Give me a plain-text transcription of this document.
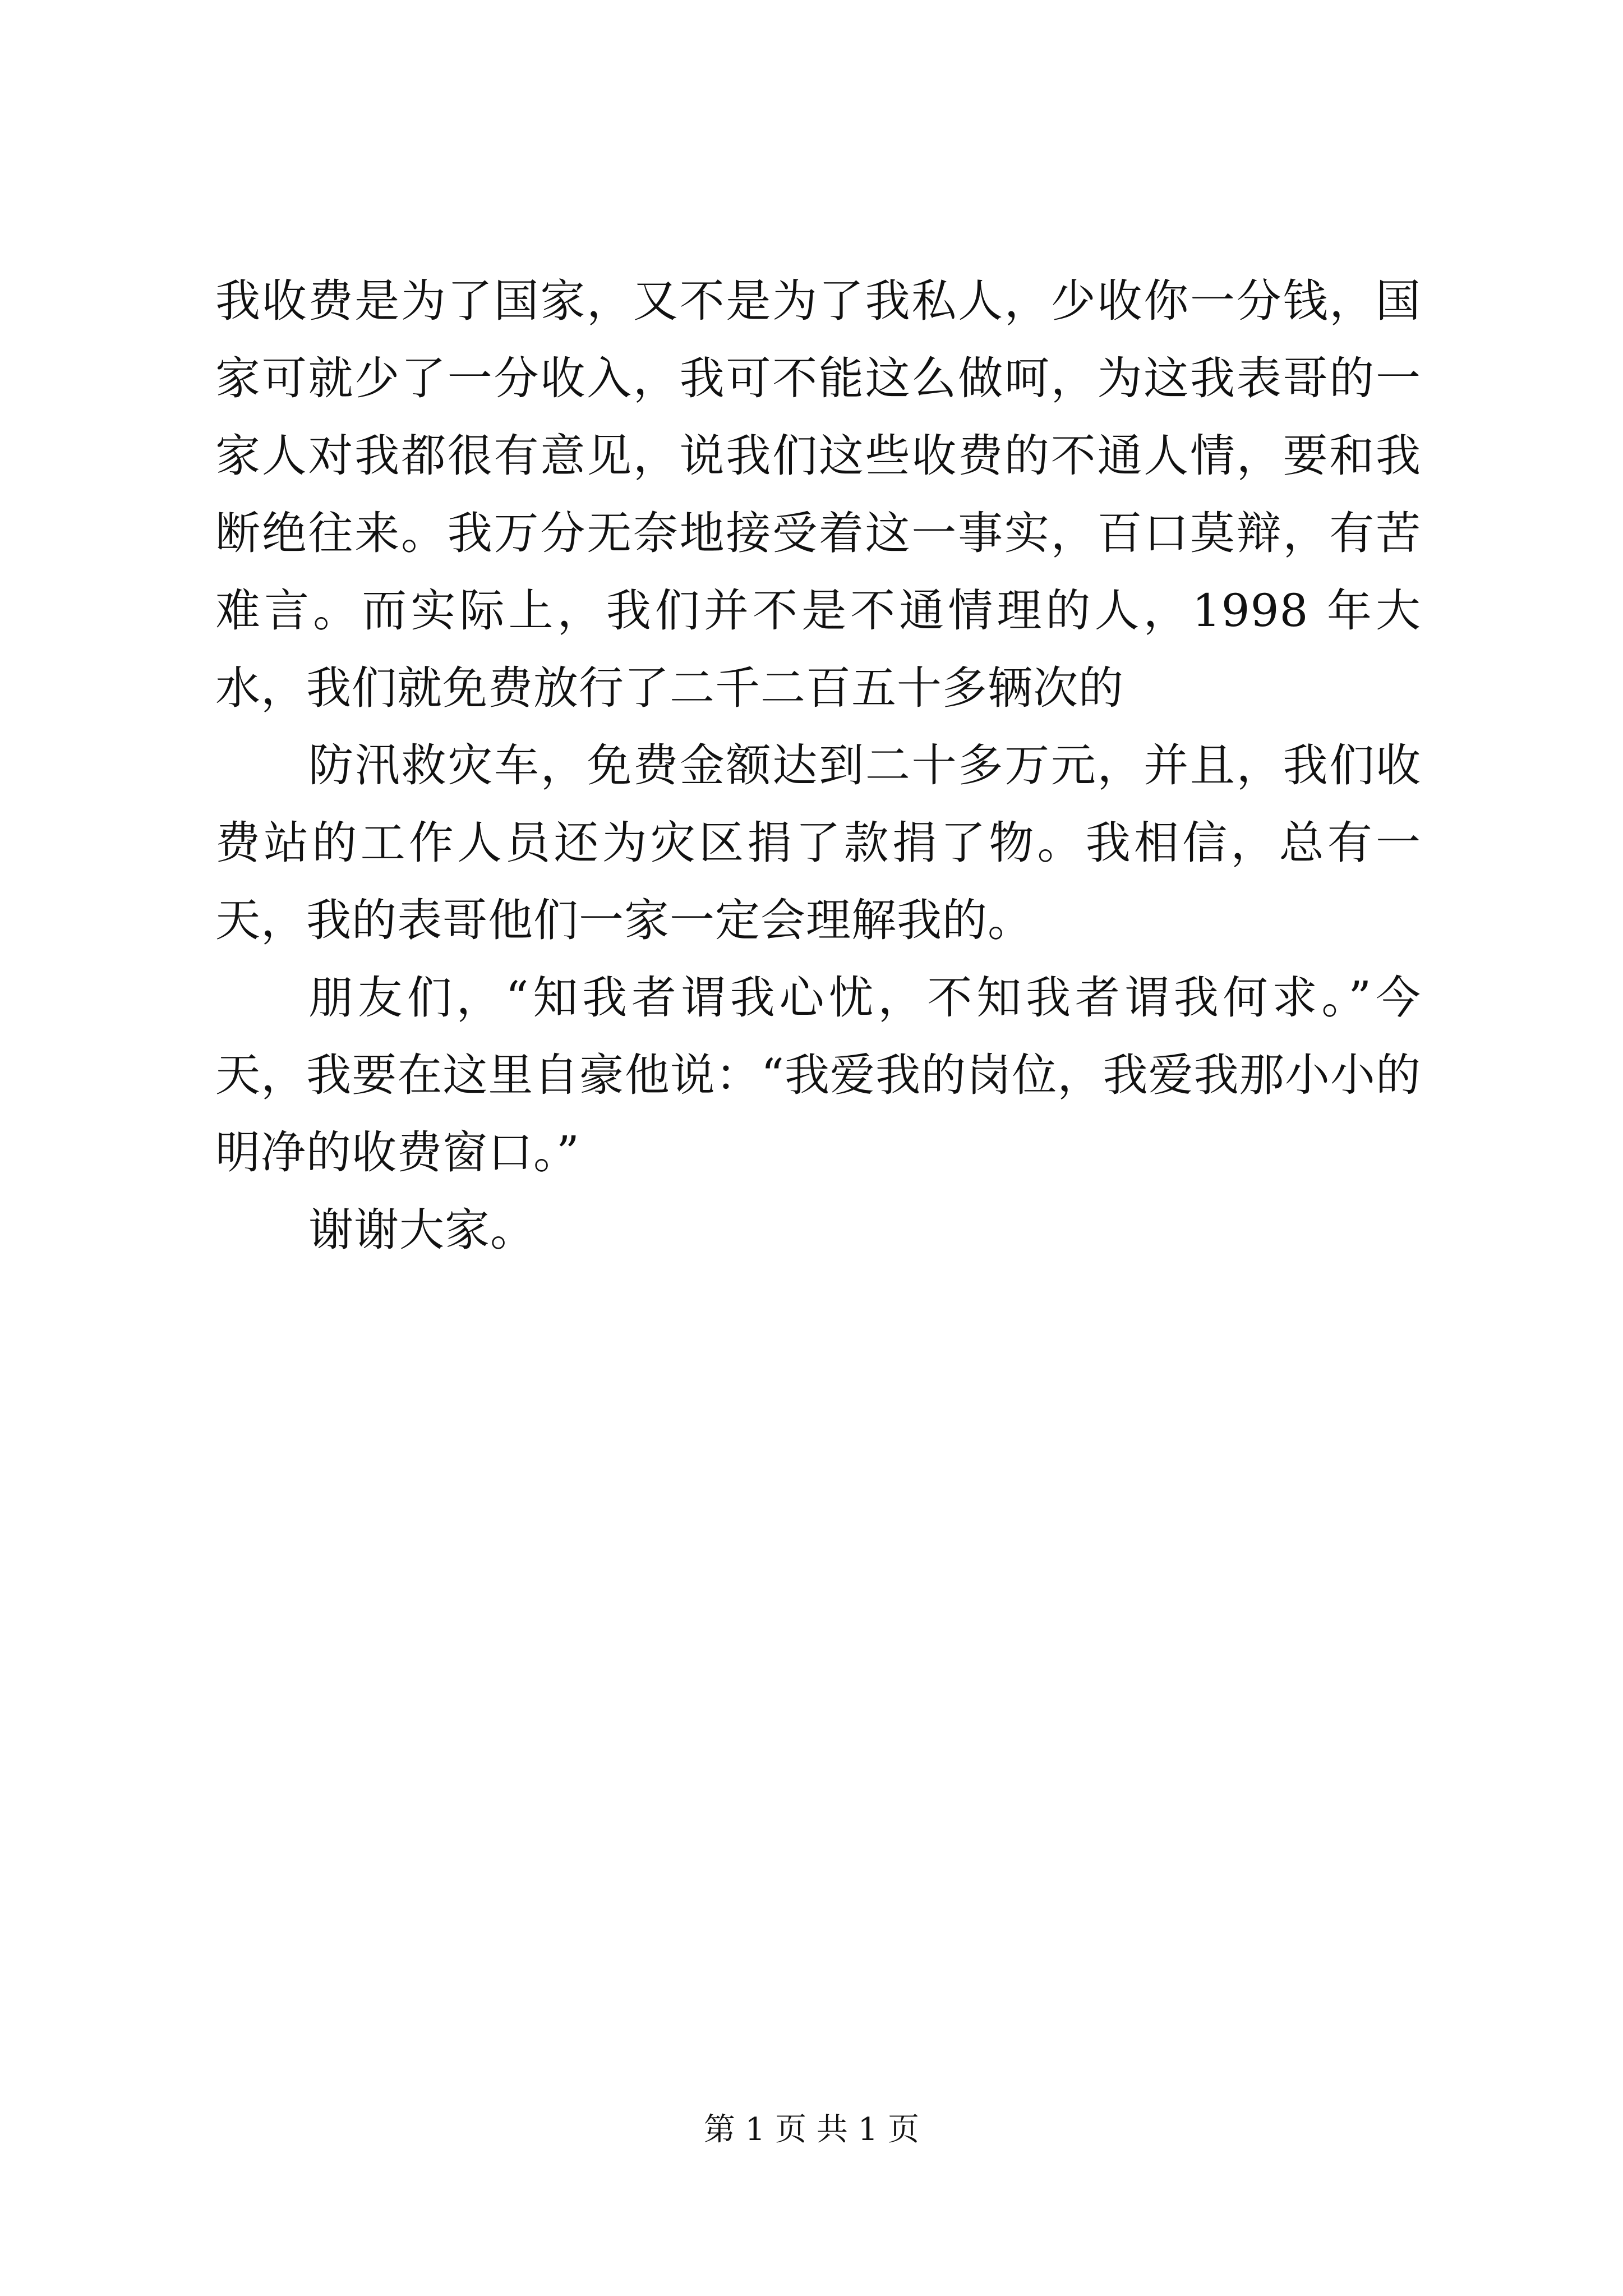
我收费是为了国家，又不是为了我私人，少收你一分钱，国家可就少了一分收入，我可不能这么做呵，为这我表哥的一家人对我都很有意见，说我们这些收费的不通人情，要和我断绝往来。我万分无奈地接受着这一事实，百口莫辩，有苦难言。而实际上，我们并不是不通情理的人，1998 年大水，我们就免费放行了二千二百五十多辆次的

防汛救灾车，免费金额达到二十多万元，并且，我们收费站的工作人员还为灾区捐了款捐了物。我相信，总有一天，我的表哥他们一家一定会理解我的。

朋友们，“知我者谓我心忧，不知我者谓我何求。”今天，我要在这里自豪他说：“我爱我的岗位，我爱我那小小的明净的收费窗口。”

谢谢大家。

第 1 页 共 1 页
